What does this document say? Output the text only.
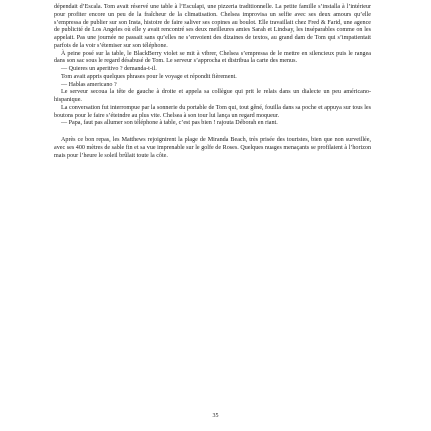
dépendait d’Escala. Tom avait réservé une table à l’Esculapi, une pizzeria traditionnelle. La petite famille s’installa à l’intérieur pour profiter encore un peu de la fraîcheur de la climatisation. Chelsea improvisa un selfie avec ses deux amours qu’elle s’empressa de publier sur son Insta, histoire de faire saliver ses copines au boulot. Elle travaillait chez Fred & Farid, une agence de publicité de Los Angeles où elle y avait rencontré ses deux meilleures amies Sarah et Lindsay, les inséparables comme on les appelait. Pas une journée ne passait sans qu’elles ne s’envoient des dizaines de textos, au grand dam de Tom qui s’impatientait parfois de la voir s’étemiser sur son téléphone.

À peine posé sur la table, le BlackBerry violet se mit à vibrer, Chelsea s’empressa de le mettre en silencieux puis le rangea dans son sac sous le regard désabusé de Tom. Le serveur s’approcha et distribua la carte des menus.

— Quieres un aperitivo ? demanda-t-il.

Tom avait appris quelques phrases pour le voyage et répondit fièrement.

— Hablas americano ?

Le serveur secoua la tête de gauche à droite et appela sa collègue qui prit le relais dans un dialecte un peu américano-hispanique.

La conversation fut interrompue par la sonnerie du portable de Tom qui, tout gêné, fouilla dans sa poche et appuya sur tous les boutons pour le faire s’éteindre au plus vite. Chelsea à son tour lui lança un regard moqueur.

— Papa, faut pas allumer son téléphone à table, c’est pas bien ! rajouta Déborah en riant.

Après ce bon repas, les Matthews rejoignirent la plage de Miranda Beach, très prisée des touristes, bien que non surveillée, avec ses 400 mètres de sable fin et sa vue imprenable sur le golfe de Roses. Quelques nuages menaçants se profilaient à l’horizon mais pour l’heure le soleil brûlait toute la côte.

35
